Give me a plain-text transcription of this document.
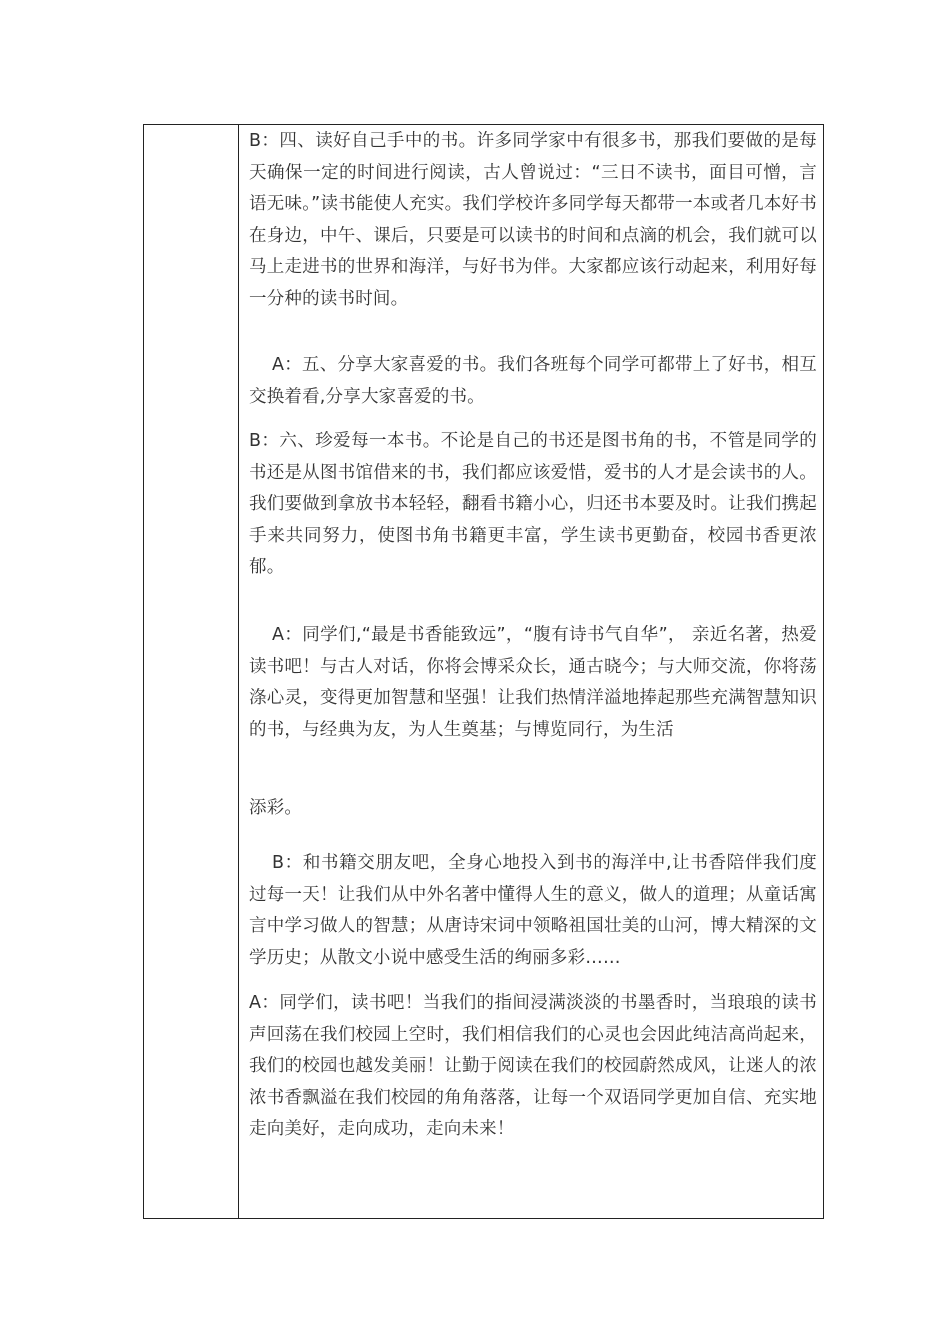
B：四、读好自己手中的书。许多同学家中有很多书，那我们要做的是每天确保一定的时间进行阅读，古人曾说过：“三日不读书，面目可憎，言语无味。”读书能使人充实。我们学校许多同学每天都带一本或者几本好书在身边，中午、课后，只要是可以读书的时间和点滴的机会，我们就可以马上走进书的世界和海洋，与好书为伴。大家都应该行动起来，利用好每一分种的读书时间。

A：五、分享大家喜爱的书。我们各班每个同学可都带上了好书，相互交换着看,分享大家喜爱的书。

B：六、珍爱每一本书。不论是自己的书还是图书角的书，不管是同学的书还是从图书馆借来的书，我们都应该爱惜，爱书的人才是会读书的人。我们要做到拿放书本轻轻，翻看书籍小心，归还书本要及时。让我们携起手来共同努力，使图书角书籍更丰富，学生读书更勤奋，校园书香更浓郁。

A：同学们,“最是书香能致远”，“腹有诗书气自华”， 亲近名著，热爱读书吧！与古人对话，你将会博采众长，通古晓今；与大师交流，你将荡涤心灵，变得更加智慧和坚强！让我们热情洋溢地捧起那些充满智慧知识的书，与经典为友，为人生奠基；与博览同行，为生活

添彩。

B：和书籍交朋友吧，全身心地投入到书的海洋中,让书香陪伴我们度过每一天！让我们从中外名著中懂得人生的意义，做人的道理；从童话寓言中学习做人的智慧；从唐诗宋词中领略祖国壮美的山河，博大精深的文学历史；从散文小说中感受生活的绚丽多彩……

A：同学们，读书吧！当我们的指间浸满淡淡的书墨香时，当琅琅的读书声回荡在我们校园上空时，我们相信我们的心灵也会因此纯洁高尚起来，我们的校园也越发美丽！让勤于阅读在我们的校园蔚然成风，让迷人的浓浓书香飘溢在我们校园的角角落落，让每一个双语同学更加自信、充实地走向美好，走向成功，走向未来！
